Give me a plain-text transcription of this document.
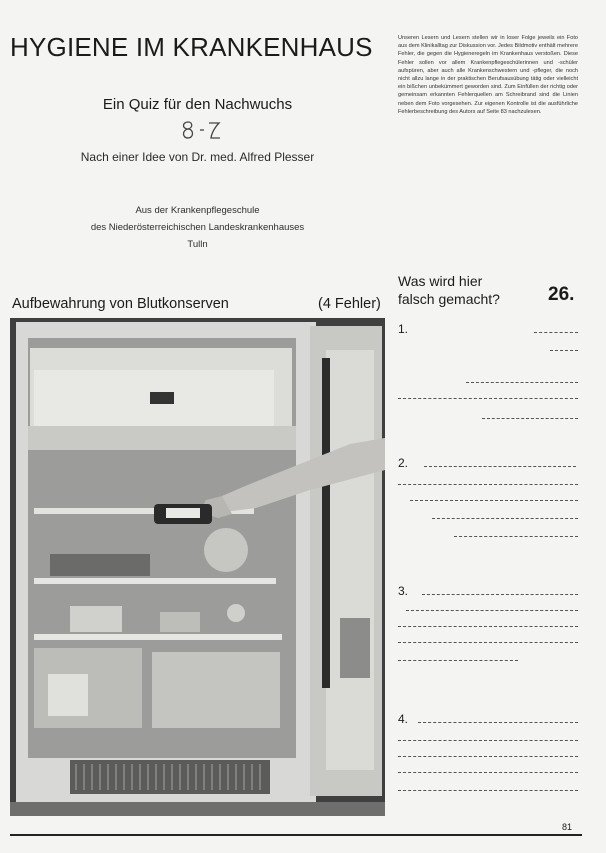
HYGIENE IM KRANKENHAUS
Ein Quiz für den Nachwuchs
Nach einer Idee von Dr. med. Alfred Plesser
Aus der Krankenpflegeschule
des Niederösterreichischen Landeskrankenhauses
Tulln
Unseren Lesern und Lesern stellen wir in loser Folge jeweils ein Foto aus dem Klinikalltag zur Diskussion vor. Jedes Bildmotiv enthält mehrere Fehler, die gegen die Hygieneregeln im Krankenhaus verstoßen. Diese Fehler sollen vor allem Krankenpflegeschülerinnen und -schüler aufspüren, aber auch alle Krankenschwestern und -pfleger, die noch nicht allzu lange in der praktischen Berufsausübung tätig oder vielleicht ein bißchen unbekümmert geworden sind. Zum Einfüllen der richtig oder gemeinsam erkannten Fehlerquellen am Schreibrand sind die Linien neben dem Foto vorgesehen. Zur eigenen Kontrolle ist die ausführliche Fehlerbeschreibung des Autors auf Seite 83 nachzulesen.
Was wird hier
falsch gemacht?	26.
Aufbewahrung von Blutkonserven	(4 Fehler)
1.
2.
3.
4.
81
